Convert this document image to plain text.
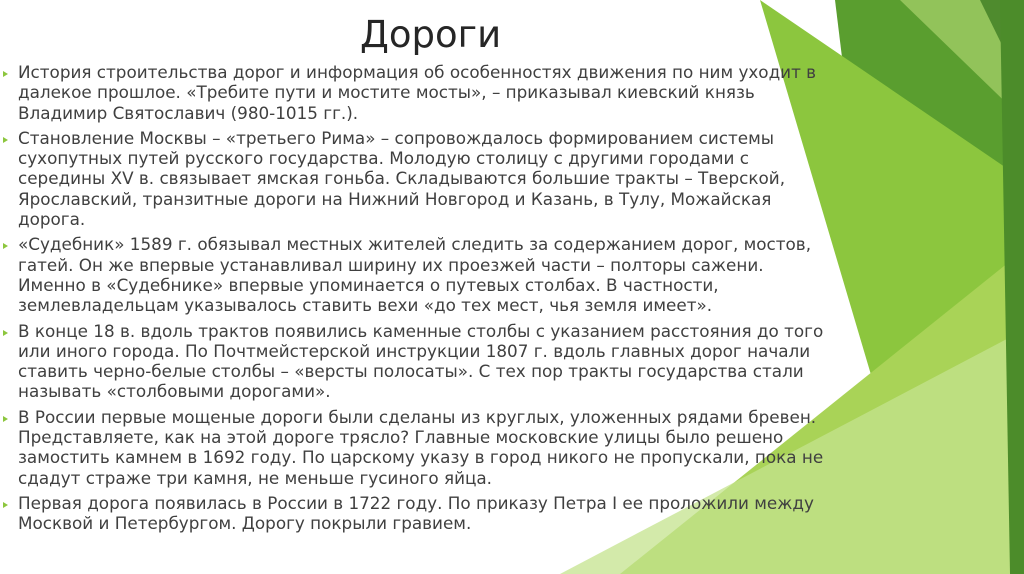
Дороги
История строительства дорог и информация об особенностях движения по ним уходит в
далекое прошлое. «Требите пути и мостите мосты», – приказывал киевский князь
Владимир Святославич (980-1015 гг.).
Становление Москвы – «третьего Рима» – сопровождалось формированием системы
сухопутных путей русского государства. Молодую столицу с другими городами с
середины XV в. связывает ямская гоньба. Складываются большие тракты – Тверской,
Ярославский, транзитные дороги на Нижний Новгород и Казань, в Тулу, Можайская
дорога.
«Судебник» 1589 г. обязывал местных жителей следить за содержанием дорог, мостов,
гатей. Он же впервые устанавливал ширину их проезжей части – полторы сажени.
Именно в «Судебнике» впервые упоминается о путевых столбах. В частности,
землевладельцам указывалось ставить вехи «до тех мест, чья земля имеет».
В конце 18 в. вдоль трактов появились каменные столбы с указанием расстояния до того
или иного города. По Почтмейстерской инструкции 1807 г. вдоль главных дорог начали
ставить черно-белые столбы – «версты полосаты». С тех пор тракты государства стали
называть «столбовыми дорогами».
В России первые мощеные дороги были сделаны из круглых, уложенных рядами бревен.
Представляете, как на этой дороге трясло? Главные московские улицы было решено
замостить камнем в 1692 году. По царскому указу в город никого не пропускали, пока не
сдадут страже три камня, не меньше гусиного яйца.
Первая дорога появилась в России в 1722 году. По приказу Петра I ее проложили между
Москвой и Петербургом. Дорогу покрыли гравием.
